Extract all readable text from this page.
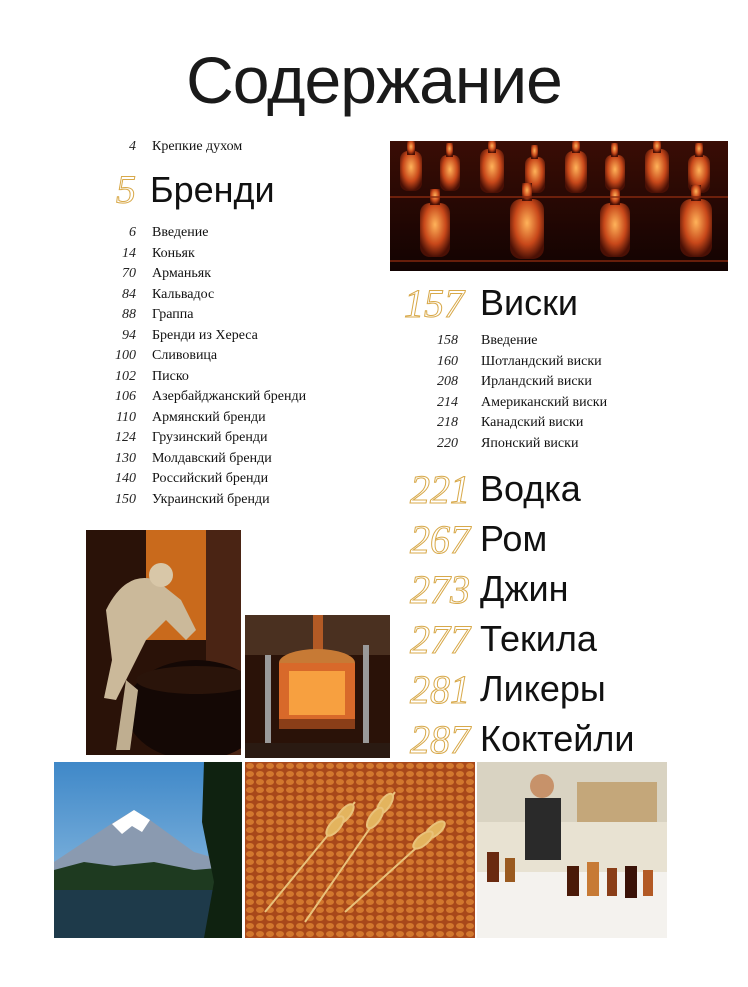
Содержание
4 Крепкие духом
5 Бренди
6 Введение
14 Коньяк
70 Арманьяк
84 Кальвадос
88 Граппа
94 Бренди из Хереса
100 Сливовица
102 Писко
106 Азербайджанский бренди
110 Армянский бренди
124 Грузинский бренди
130 Молдавский бренди
140 Российский бренди
150 Украинский бренди
157 Виски
158 Введение
160 Шотландский виски
208 Ирландский виски
214 Американский виски
218 Канадский виски
220 Японский виски
221 Водка
267 Ром
273 Джин
277 Текила
281 Ликеры
287 Коктейли
